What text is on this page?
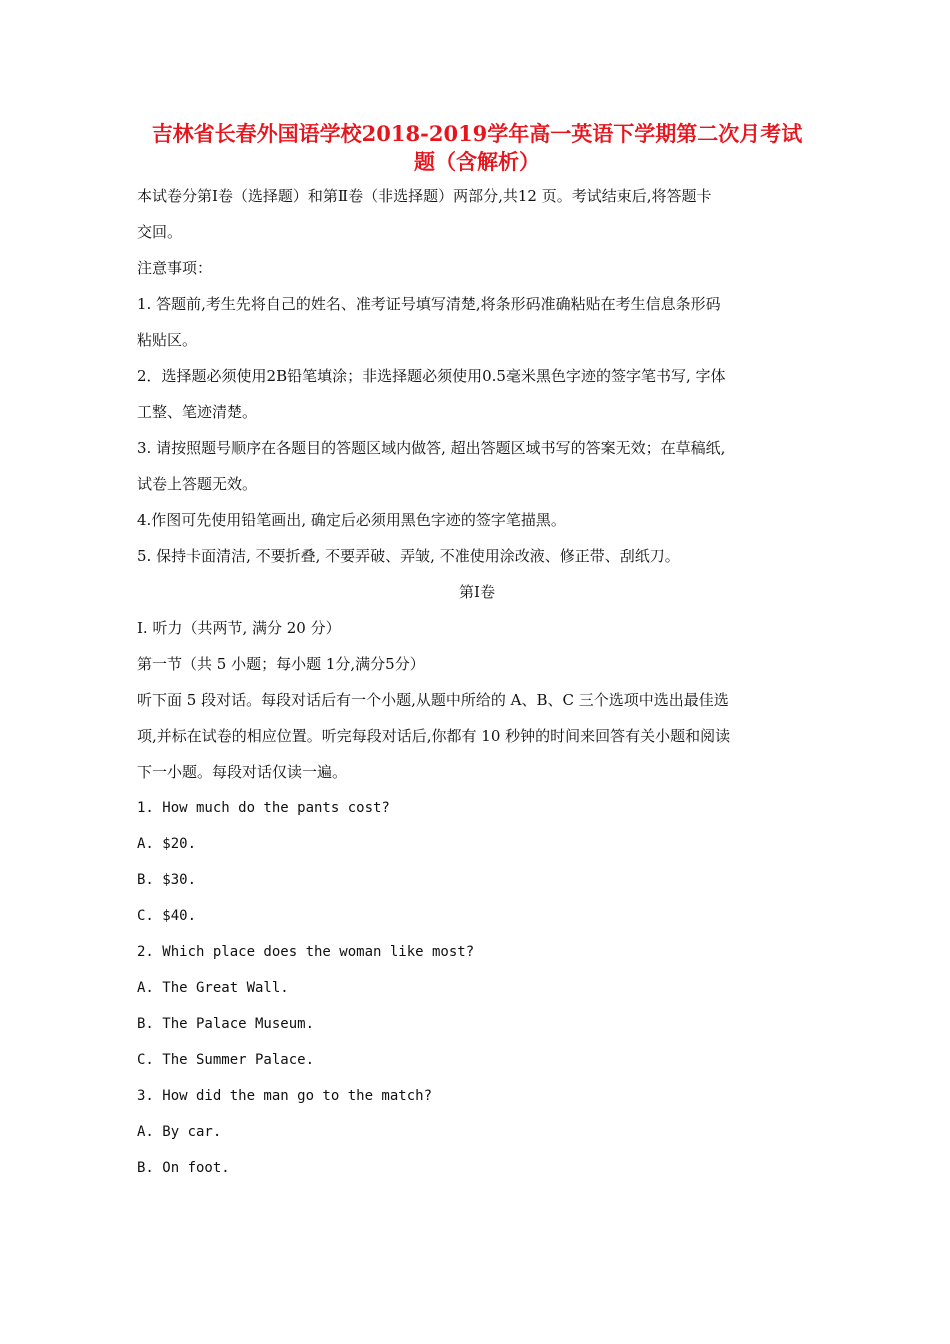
吉林省长春外国语学校2018-2019学年高一英语下学期第二次月考试
题（含解析）
本试卷分第Ⅰ卷（选择题）和第Ⅱ卷（非选择题）两部分,共12 页。考试结束后,将答题卡
交回。
注意事项：
1. 答题前,考生先将自己的姓名、准考证号填写清楚,将条形码准确粘贴在考生信息条形码
粘贴区。
2．选择题必须使用2B铅笔填涂；非选择题必须使用0.5毫米黑色字迹的签字笔书写, 字体
工整、笔迹清楚。
3. 请按照题号顺序在各题目的答题区域内做答, 超出答题区域书写的答案无效；在草稿纸,
试卷上答题无效。
4.作图可先使用铅笔画出, 确定后必须用黑色字迹的签字笔描黑。
5. 保持卡面清洁, 不要折叠, 不要弄破、弄皱, 不准使用涂改液、修正带、刮纸刀。
第Ⅰ卷
I. 听力（共两节, 满分 20 分）
第一节（共 5 小题；每小题 1分,满分5分）
听下面 5 段对话。每段对话后有一个小题,从题中所给的 A、B、C 三个选项中选出最佳选
项,并标在试卷的相应位置。听完每段对话后,你都有 10 秒钟的时间来回答有关小题和阅读
下一小题。每段对话仅读一遍。
1. How much do the pants cost?
A. $20.
B. $30.
C. $40.
2. Which place does the woman like most?
A. The Great Wall.
B. The Palace Museum.
C. The Summer Palace.
3. How did the man go to the match?
A. By car.
B. On foot.
